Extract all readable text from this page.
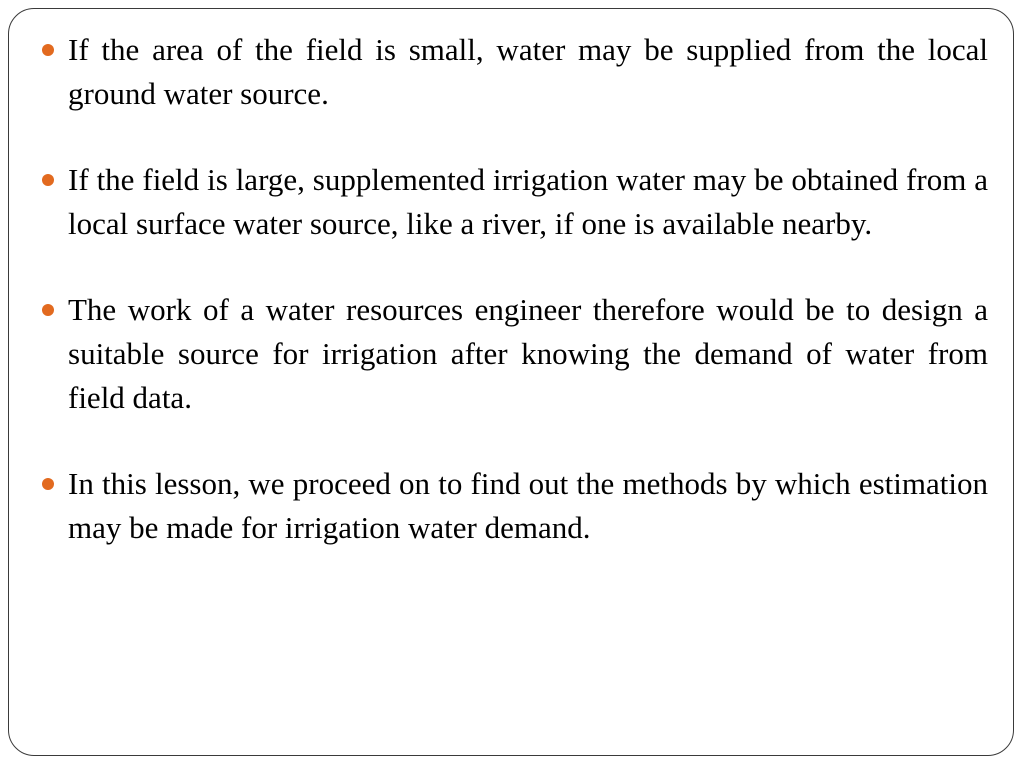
If the area of the field is small, water may be supplied from the local ground water source.
If the field is large, supplemented irrigation water may be obtained from a local surface water source, like a river, if one is available nearby.
The work of a water resources engineer therefore would be to design a suitable source for irrigation after knowing the demand of water from field data.
In this lesson, we proceed on to find out the methods by which estimation may be made for irrigation water demand.
